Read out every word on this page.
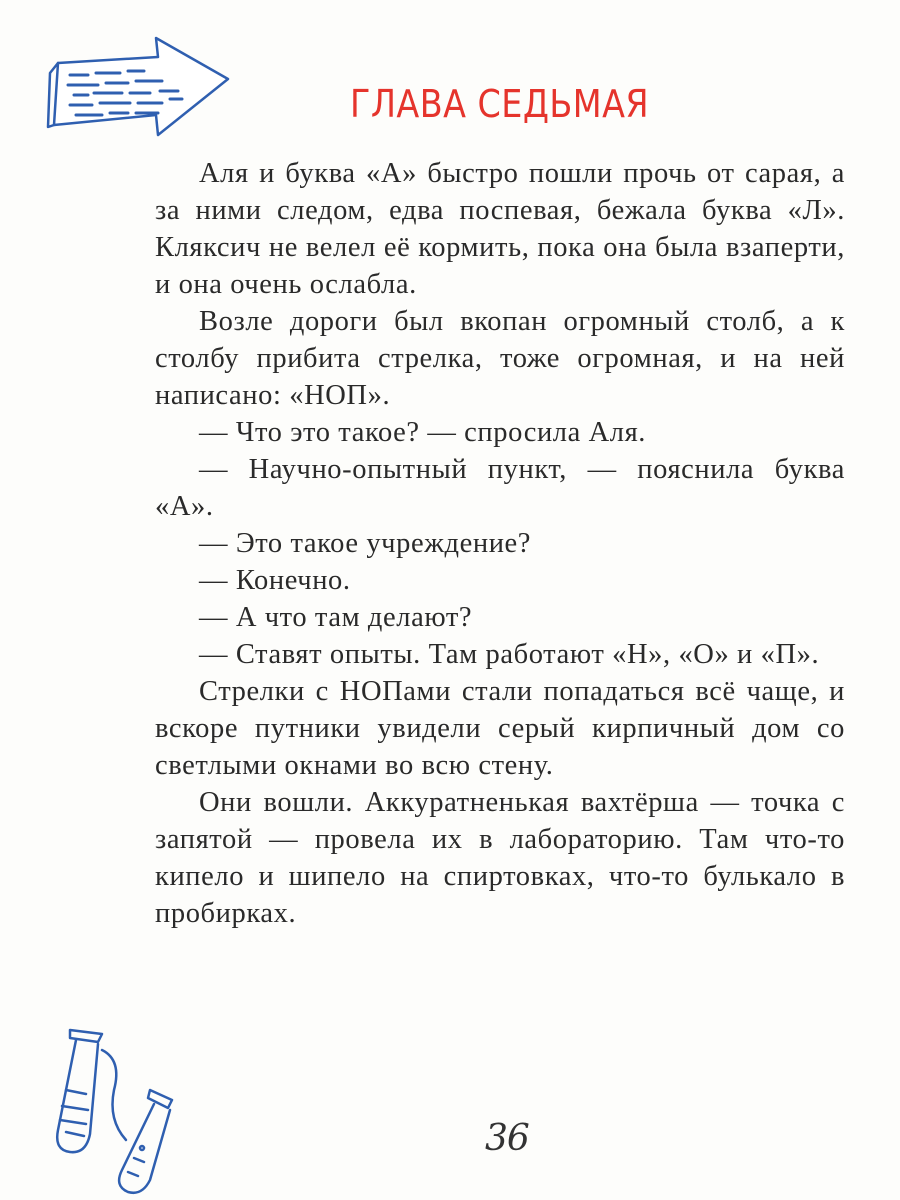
ГЛАВА СЕДЬМАЯ

Аля и буква «А» быстро пошли прочь от сарая, а за ними следом, едва поспевая, бежала буква «Л». Кляксич не велел её кормить, пока она была взаперти, и она очень ослабла.

Возле дороги был вкопан огромный столб, а к столбу прибита стрелка, тоже огромная, и на ней написано: «НОП».

— Что это такое? — спросила Аля.

— Научно-опытный пункт, — пояснила буква «А».

— Это такое учреждение?

— Конечно.

— А что там делают?

— Ставят опыты. Там работают «Н», «О» и «П».

Стрелки с НОПами стали попадаться всё чаще, и вскоре путники увидели серый кирпичный дом со светлыми окнами во всю стену.

Они вошли. Аккуратненькая вахтёрша — точка с запятой — провела их в лабораторию. Там что-то кипело и шипело на спиртовках, что-то булькало в пробирках.

36
